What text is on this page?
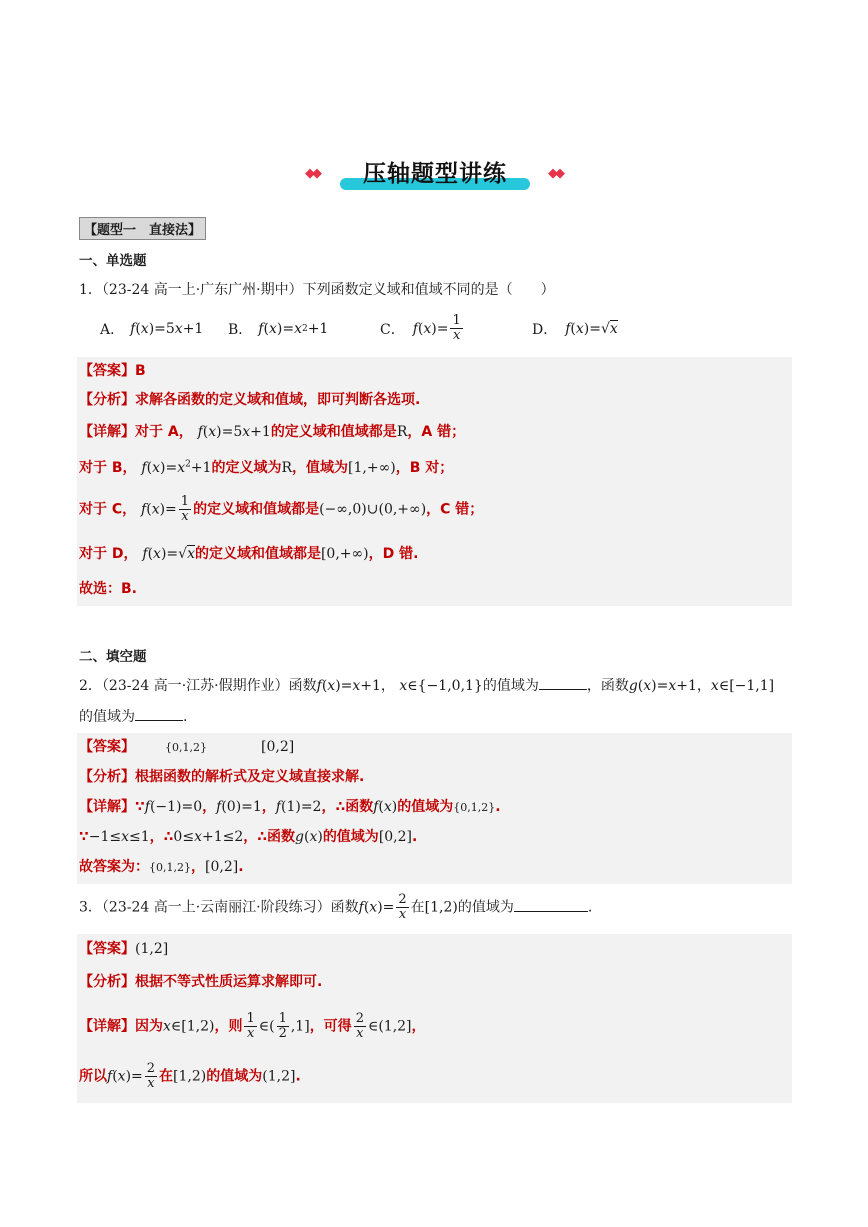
◆◆	◆◆
压轴题型讲练
【题型一　直接法】
一、单选题
1．（23-24 高一上·广东广州·期中）下列函数定义域和值域不同的是（　　）
A． f ( x )=5 x +1 B． f ( x )= x 2 +1	C． f ( x )= $\frac{1}{x}$	D． f ( x )=√ x
【答案】B
【分析】求解各函数的定义域和值域，即可判断各选项.
【详解】对于 A， f(x)=5x+1的定义域和值域都是R，A 错；
对于 B， $f(x)=x^2+1$的定义域为R，值域为[1,+∞)，B 对；
对于 C， $f(x)= \frac{1}{x}$ 的定义域和值域都是(−∞,0)∪(0,+∞)，C 错；
对于 D， f(x)=√x的定义域和值域都是[0,+∞)，D 错.
故选：B.
二、填空题
2．（23-24 高一·江苏·假期作业）函数f(x)=x+1， x∈{−1,0,1}的值域为	，函数g(x)=x+1，x∈[−1,1]
的值域为	.
【答案】	{0,1,2}	[0,2]
【分析】根据函数的解析式及定义域直接求解.
【详解】∵f(−1)=0，f(0)=1，f(1)=2，∴函数f(x)的值域为{0,1,2}.
∵−1≤x≤1，∴0≤x+1≤2，∴函数g(x)的值域为[0,2].
故答案为：{0,1,2}，[0,2].
3．（23-24 高一上·云南丽江·阶段练习）函数$f(x)= \frac{2}{x}$ 在[1,2)的值域为	.
【答案】(1,2]
【分析】根据不等式性质运算求解即可.
【详解】因为x∈[1,2)，则 $\frac{1}{x}$ ∈( $\frac{1}{2} ,1$]，可得 $\frac{2}{x}$ ∈(1,2]，
所以$f(x)= \frac{2}{x}$ 在[1,2)的值域为(1,2].
